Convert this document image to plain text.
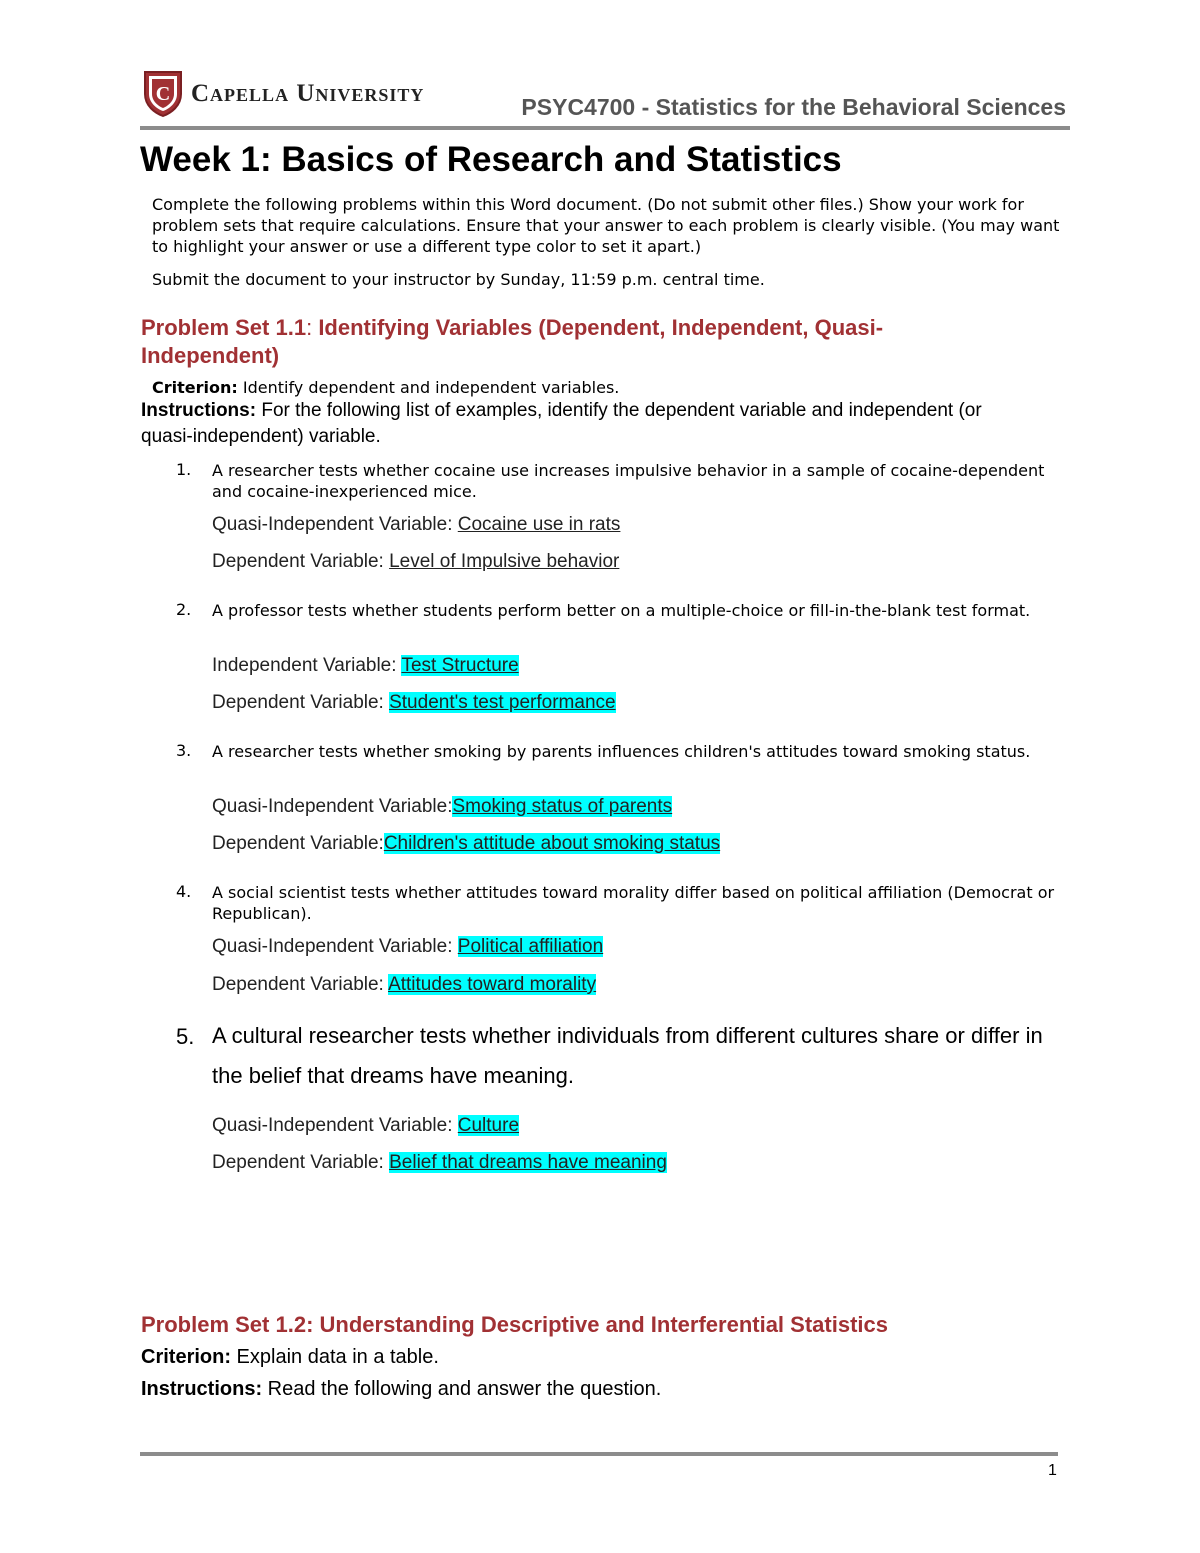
C Capella University	PSYC4700 - Statistics for the Behavioral Sciences
Week 1: Basics of Research and Statistics
Complete the following problems within this Word document. (Do not submit other files.) Show your work for problem sets that require calculations. Ensure that your answer to each problem is clearly visible. (You may want to highlight your answer or use a different type color to set it apart.)
Submit the document to your instructor by Sunday, 11:59 p.m. central time.
Problem Set 1.1: Identifying Variables (Dependent, Independent, Quasi-Independent)
Criterion: Identify dependent and independent variables.
Instructions: For the following list of examples, identify the dependent variable and independent (or quasi-independent) variable.
1. A researcher tests whether cocaine use increases impulsive behavior in a sample of cocaine-dependent and cocaine-inexperienced mice.
Quasi-Independent Variable: Cocaine use in rats
Dependent Variable: Level of Impulsive behavior
2. A professor tests whether students perform better on a multiple-choice or fill-in-the-blank test format.
Independent Variable: Test Structure
Dependent Variable: Student's test performance
3. A researcher tests whether smoking by parents influences children's attitudes toward smoking status.
Quasi-Independent Variable:Smoking status of parents
Dependent Variable:Children's attitude about smoking status
4. A social scientist tests whether attitudes toward morality differ based on political affiliation (Democrat or Republican).
Quasi-Independent Variable: Political affiliation
Dependent Variable: Attitudes toward morality
5. A cultural researcher tests whether individuals from different cultures share or differ in the belief that dreams have meaning.
Quasi-Independent Variable: Culture
Dependent Variable: Belief that dreams have meaning
Problem Set 1.2: Understanding Descriptive and Interferential Statistics
Criterion: Explain data in a table.
Instructions: Read the following and answer the question.
1
